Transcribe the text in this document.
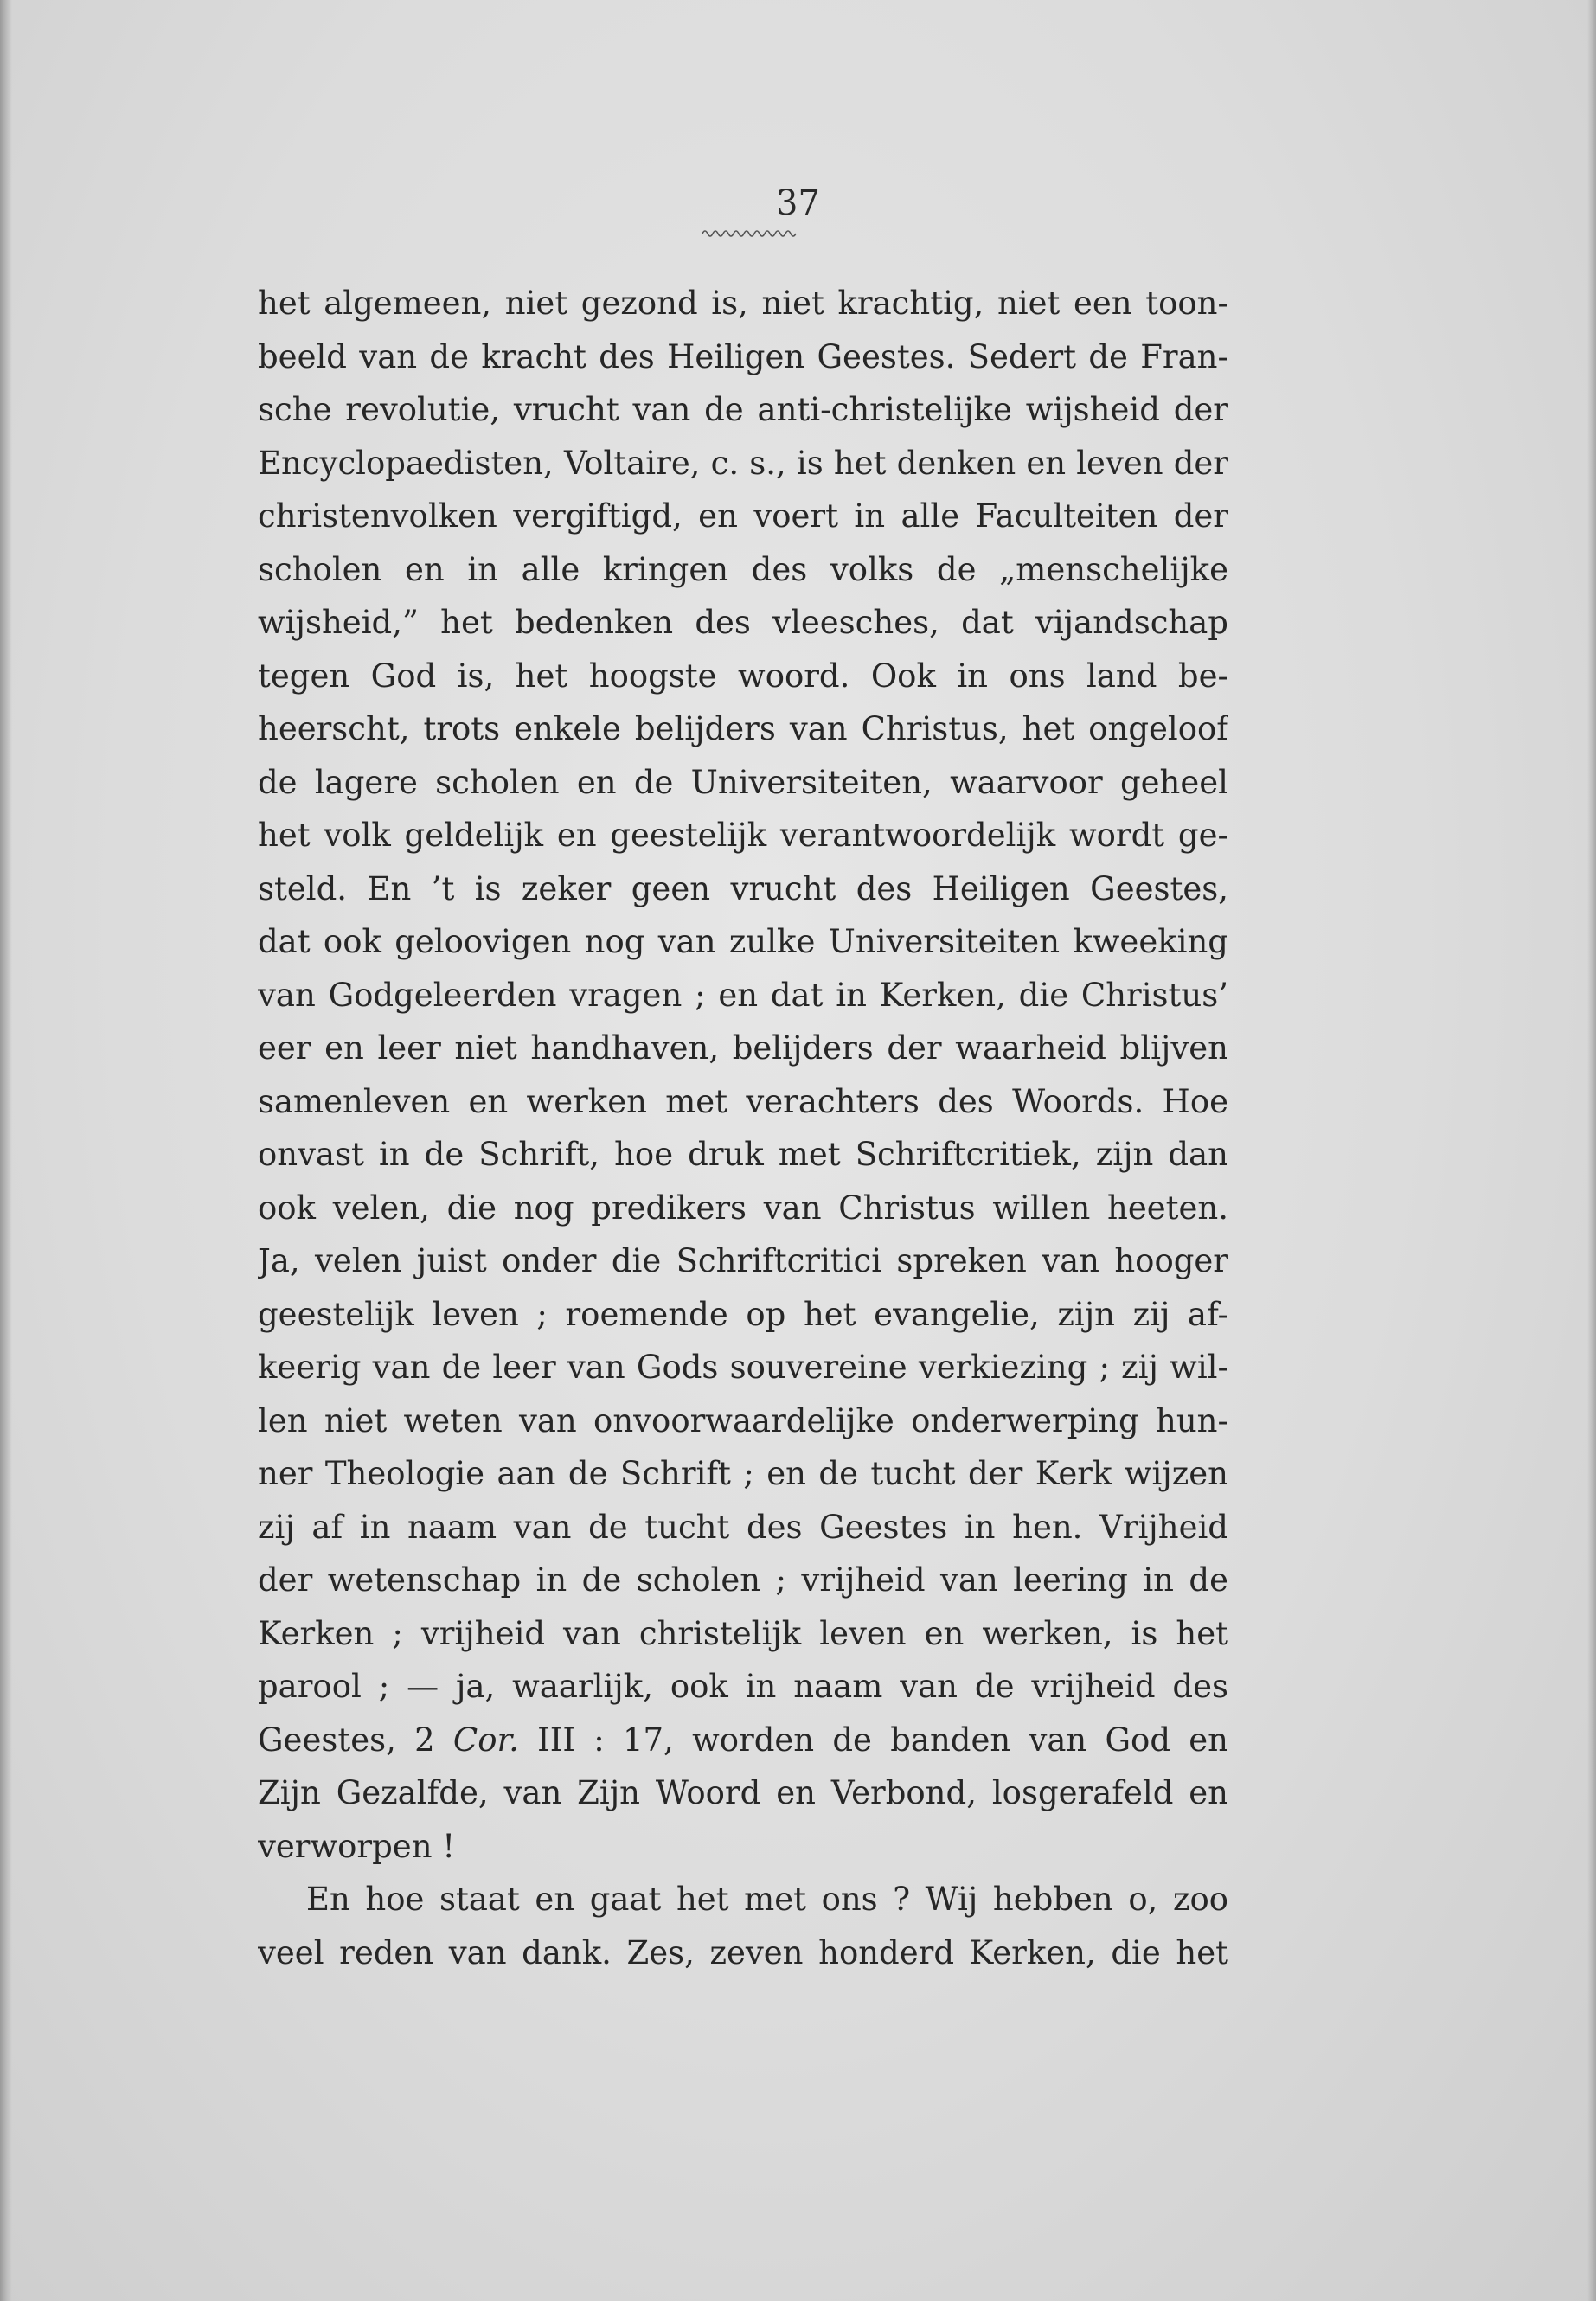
37
het algemeen, niet gezond is, niet krachtig, niet een toon-
beeld van de kracht des Heiligen Geestes. Sedert de Fran-
sche revolutie, vrucht van de anti-christelijke wijsheid der
Encyclopaedisten, Voltaire, c. s., is het denken en leven der
christenvolken vergiftigd, en voert in alle Faculteiten der
scholen en in alle kringen des volks de „menschelijke
wijsheid,” het bedenken des vleesches, dat vijandschap
tegen God is, het hoogste woord. Ook in ons land be-
heerscht, trots enkele belijders van Christus, het ongeloof
de lagere scholen en de Universiteiten, waarvoor geheel
het volk geldelijk en geestelijk verantwoordelijk wordt ge-
steld. En ’t is zeker geen vrucht des Heiligen Geestes,
dat ook geloovigen nog van zulke Universiteiten kweeking
van Godgeleerden vragen ; en dat in Kerken, die Christus’
eer en leer niet handhaven, belijders der waarheid blijven
samenleven en werken met verachters des Woords. Hoe
onvast in de Schrift, hoe druk met Schriftcritiek, zijn dan
ook velen, die nog predikers van Christus willen heeten.
Ja, velen juist onder die Schriftcritici spreken van hooger
geestelijk leven ; roemende op het evangelie, zijn zij af-
keerig van de leer van Gods souvereine verkiezing ; zij wil-
len niet weten van onvoorwaardelijke onderwerping hun-
ner Theologie aan de Schrift ; en de tucht der Kerk wijzen
zij af in naam van de tucht des Geestes in hen. Vrijheid
der wetenschap in de scholen ; vrijheid van leering in de
Kerken ; vrijheid van christelijk leven en werken, is het
parool ; — ja, waarlijk, ook in naam van de vrijheid des
Geestes, 2 Cor. III : 17, worden de banden van God en
Zijn Gezalfde, van Zijn Woord en Verbond, losgerafeld en
verworpen !
En hoe staat en gaat het met ons ? Wij hebben o, zoo
veel reden van dank. Zes, zeven honderd Kerken, die het
